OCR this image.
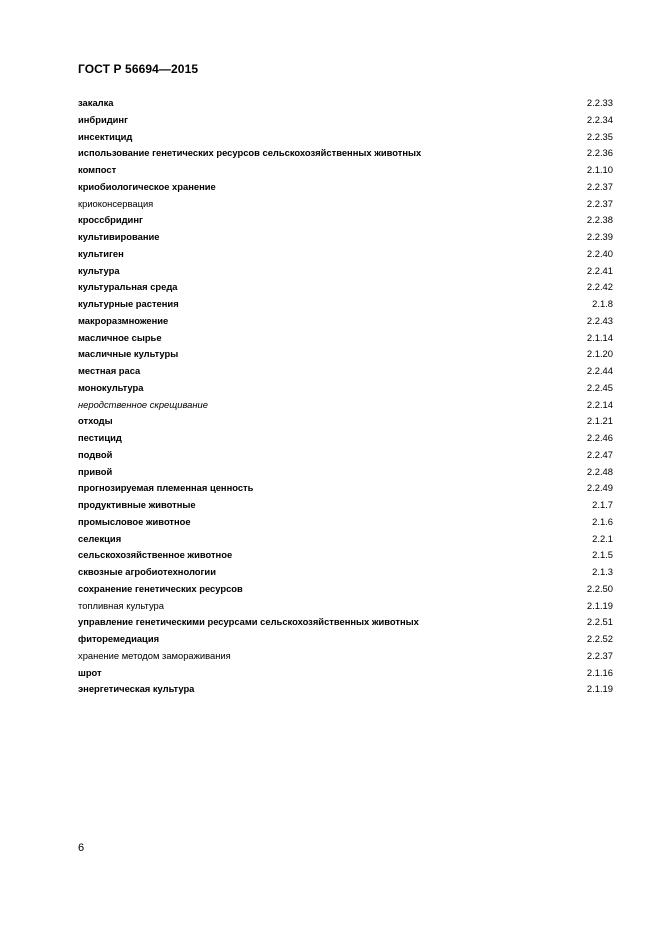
ГОСТ Р 56694—2015
закалка	2.2.33
инбридинг	2.2.34
инсектицид	2.2.35
использование генетических ресурсов сельскохозяйственных животных	2.2.36
компост	2.1.10
криобиологическое хранение	2.2.37
криоконсервация	2.2.37
кроссбридинг	2.2.38
культивирование	2.2.39
культиген	2.2.40
культура	2.2.41
культуральная среда	2.2.42
культурные растения	2.1.8
макроразмножение	2.2.43
масличное сырье	2.1.14
масличные культуры	2.1.20
местная раса	2.2.44
монокультура	2.2.45
неродственное скрещивание	2.2.14
отходы	2.1.21
пестицид	2.2.46
подвой	2.2.47
привой	2.2.48
прогнозируемая племенная ценность	2.2.49
продуктивные животные	2.1.7
промысловое животное	2.1.6
селекция	2.2.1
сельскохозяйственное животное	2.1.5
сквозные агробиотехнологии	2.1.3
сохранение генетических ресурсов	2.2.50
топливная культура	2.1.19
управление генетическими ресурсами сельскохозяйственных животных	2.2.51
фиторемедиация	2.2.52
хранение методом замораживания	2.2.37
шрот	2.1.16
энергетическая культура	2.1.19
6
